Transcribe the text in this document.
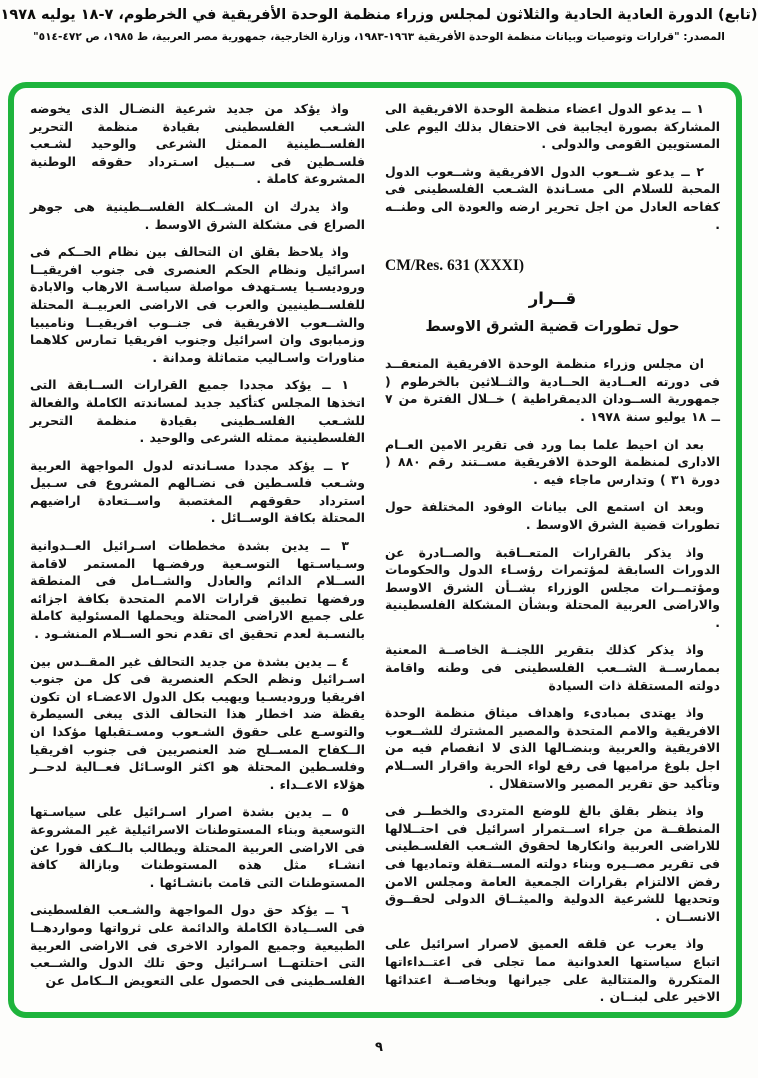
(تابع) الدورة العادية الحادية والثلاثون لمجلس وزراء منظمة الوحدة الأفريقية في الخرطوم، ٧-١٨ يوليه ١٩٧٨
المصدر: "قرارات وتوصيات وبيانات منظمة الوحدة الأفريقية ١٩٦٣-١٩٨٣، وزارة الخارجية، جمهورية مصر العربية، ط ١٩٨٥، ص ٤٧٢-٥١٤"

١ ــ يدعو الدول اعضاء منظمة الوحدة الافريقية الى المشاركة بصورة ايجابية فى الاحتفال بذلك اليوم على المستويين القومى والدولى .

٢ ــ يدعو شــعوب الدول الافريقية وشــعوب الدول المحبة للسلام الى مسـاندة الشـعب الفلسطينى فى كفاحه العادل من اجل تحرير ارضه والعودة الى وطنــه .

CM/Res. 631 (XXXI)
قــرار
حول تطورات قضية الشرق الاوسط

ان مجلس وزراء منظمة الوحدة الافريقية المنعقــد فى دورته العــادية الحــادية والثــلاثين بالخرطوم ( جمهورية الســودان الديمقراطية ) خــلال الفترة من ٧ ــ ١٨ يوليو سنة ١٩٧٨ .

بعد ان احيط علما بما ورد فى تقرير الامين العــام الادارى لمنظمة الوحدة الافريقية مســتند رقم ٨٨٠ ( دورة ٣١ ) وتدارس ماجاء فيه .

وبعد ان استمع الى بيانات الوفود المختلفة حول تطورات قضية الشرق الاوسط .

واذ يذكر بالقرارات المتعــاقبة والصــادرة عن الدورات السابقة لمؤتمرات رؤسـاء الدول والحكومات ومؤتمــرات مجلس الوزراء بشــأن الشرق الاوسط والاراضى العربية المحتلة وبشأن المشكلة الفلسطينية .

واذ يذكر كذلك بتقرير اللجنــة الخاصــة المعنية بممارســة الشــعب الفلسطينى فى وطنه واقامة دولته المستقلة ذات السيادة

واذ يهتدى بمبادىء واهداف ميثاق منظمة الوحدة الافريقية والامم المتحدة والمصير المشترك للشــعوب الافريقية والعربية وبنضـالها الذى لا انفصام فيه من اجل بلوغ مراميها فى رفع لواء الحرية واقرار الســلام وتأكيد حق تقرير المصير والاستقلال .

واذ ينظر بقلق بالغ للوضع المتردى والخطــر فى المنطقــة من جراء اســتمرار اسرائيل فى احتــلالها للاراضى العربية وانكارها لحقوق الشـعب الفلسـطينى فى تقرير مصــيره وبناء دولته المســتقلة وتماديها فى رفض الالتزام بقرارات الجمعية العامة ومجلس الامن وتحديها للشرعية الدولية والميثــاق الدولى لحقــوق الانســان .

واذ يعرب عن قلقه العميق لاصرار اسرائيل على اتباع سياستها العدوانية مما تجلى فى اعتــداءاتها المتكررة والمتتالية على جيرانها وبخاصــة اعتدائها الاخير على لبنــان .

واذ يؤكد من جديد شرعية النضـال الذى يخوضه الشـعب الفلسطينى بقيادة منظمة التحرير الفلســطينية الممثل الشرعى والوحيد لشـعب فلسـطين فى ســبيل اسـترداد حقوقه الوطنية المشروعة كاملة .

واذ يدرك ان المشــكلة الفلســطينية هى جوهر الصراع فى مشكلة الشرق الاوسط .

واذ يلاحظ بقلق ان التحالف بين نظام الحــكم فى اسرائيل ونظام الحكم العنصرى فى جنوب افريقيــا وروديسـيا يسـتهدف مواصلة سياسـة الارهاب والابادة للفلســطينيين والعرب فى الاراضى العربيــة المحتلة والشــعوب الافريقية فى جنــوب افريقيــا وناميبيا وزمبابوى وان اسرائيل وجنوب افريقيا تمارس كلاهما مناورات واسـاليب متماثلة ومدانة .

١ ــ يؤكد مجددا جميع القرارات الســابقة التى اتخذها المجلس كتأكيد جديد لمساندته الكاملة والفعالة للشـعب الفلسـطينى بقيادة منظمة التحرير الفلسطينية ممثله الشرعى والوحيد .

٢ ــ يؤكد مجددا مسـاندته لدول المواجهة العربية وشـعب فلسـطين فى نضـالهم المشروع فى سـبيل استرداد حقوقهم المغتصبة واســتعادة اراضيهم المحتلة بكافة الوســائل .

٣ ــ يدين بشدة مخططات اسـرائيل العــدوانية وسـياسـتها التوسـعية ورفضـها المستمر لاقامة الســلام الدائم والعادل والشــامل فى المنطقة ورفضها تطبيق قرارات الامم المتحدة بكافة اجزائه على جميع الاراضى المحتلة ويحملها المسئولية كاملة بالنسـبة لعدم تحقيق اى تقدم نحو الســلام المنشـود .

٤ ــ يدين بشدة من جديد التحالف غير المقــدس بين اسـرائيل ونظم الحكم العنصرية فى كل من جنوب افريقيا وروديسـيا ويهيب بكل الدول الاعضـاء ان تكون يقظة ضد اخطار هذا التحالف الذى يبغى السيطرة والتوسـع على حقوق الشـعوب ومسـتقبلها مؤكدا ان الــكفاح المســلح ضد العنصريين فى جنوب افريقيا وفلسـطين المحتلة هو اكثر الوسـائل فعــالية لدحــر هؤلاء الاعــداء .

٥ ــ يدين بشدة اصرار اسـرائيل على سياسـتها التوسعية وبناء المستوطنات الاسرائيلية غير المشروعة فى الاراضى العربية المحتلة ويطالب بالــكف فورا عن انشـاء مثل هذه المستوطنات وبازالة كافة المستوطنات التى قامت بانشـائها .

٦ ــ يؤكد حق دول المواجهة والشـعب الفلسطينى فى الســيادة الكاملة والدائمة على ثرواتها ومواردهــا الطبيعية وجميع الموارد الاخرى فى الاراضى العربية التى احتلتهــا اسـرائيل وحق تلك الدول والشــعب الفلسـطينى فى الحصول على التعويض الــكامل عن

٩
